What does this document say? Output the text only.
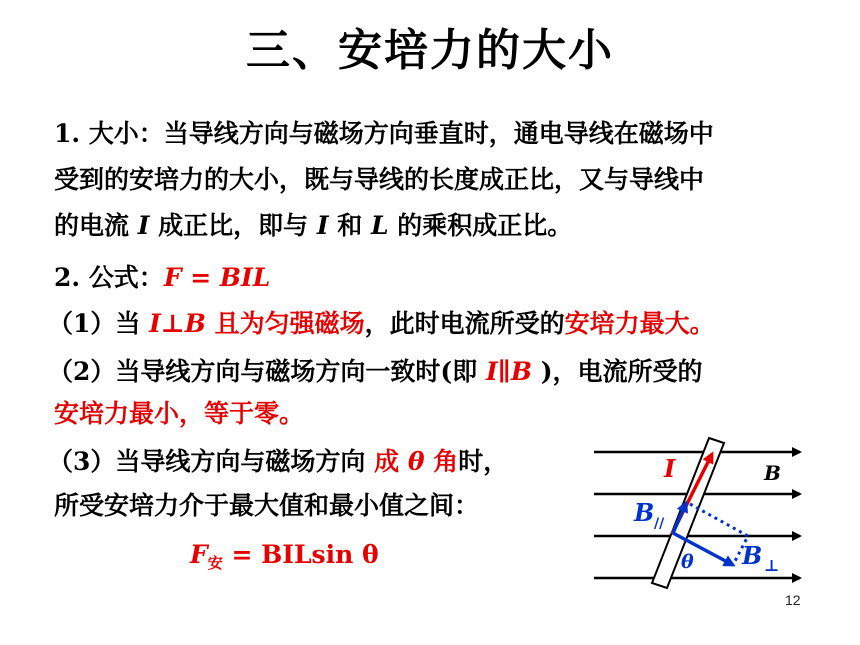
三、安培力的大小
1. 大小：当导线方向与磁场方向垂直时，通电导线在磁场中
受到的安培力的大小，既与导线的长度成正比，又与导线中
的电流 I 成正比，即与 I 和 L 的乘积成正比。
2. 公式：F = BIL
（1）当 I⊥B 且为匀强磁场，此时电流所受的安培力最大。
（2）当导线方向与磁场方向一致时(即 I∥B )，电流所受的
安培力最小，等于零。
（3）当导线方向与磁场方向 成 θ 角时，
所受安培力介于最大值和最小值之间：
$F_安 = BILsin$ θ
I	B
B //
B ⊥
θ
12
